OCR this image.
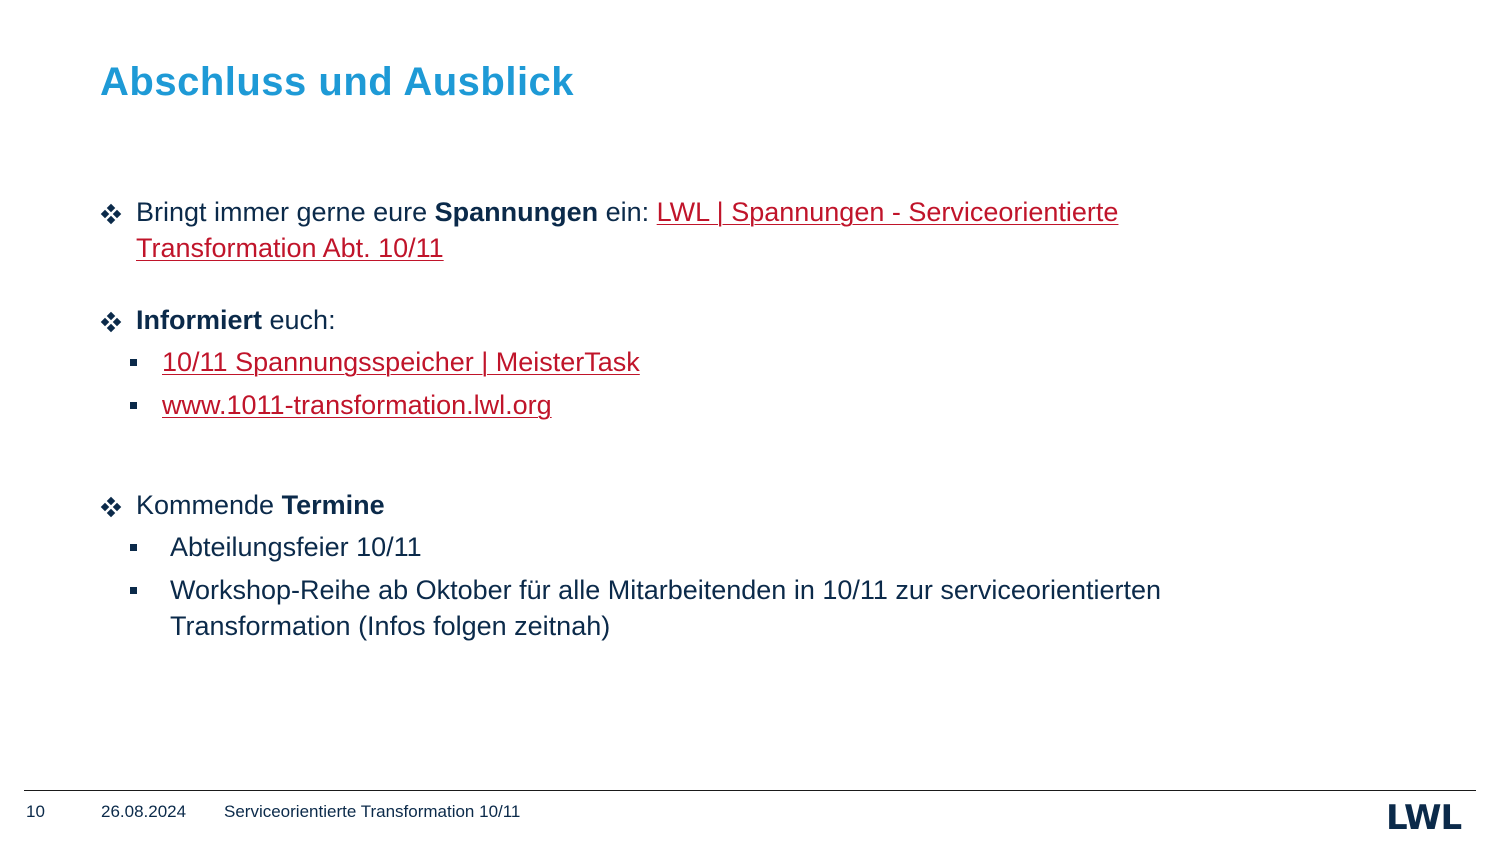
Abschluss und Ausblick
Bringt immer gerne eure Spannungen ein: LWL | Spannungen - Serviceorientierte Transformation Abt. 10/11
Informiert euch:
10/11 Spannungsspeicher | MeisterTask
www.1011-transformation.lwl.org
Kommende Termine
Abteilungsfeier 10/11
Workshop-Reihe ab Oktober für alle Mitarbeitenden in 10/11 zur serviceorientierten Transformation (Infos folgen zeitnah)
10	26.08.2024 Serviceorientierte Transformation 10/11	LWL
